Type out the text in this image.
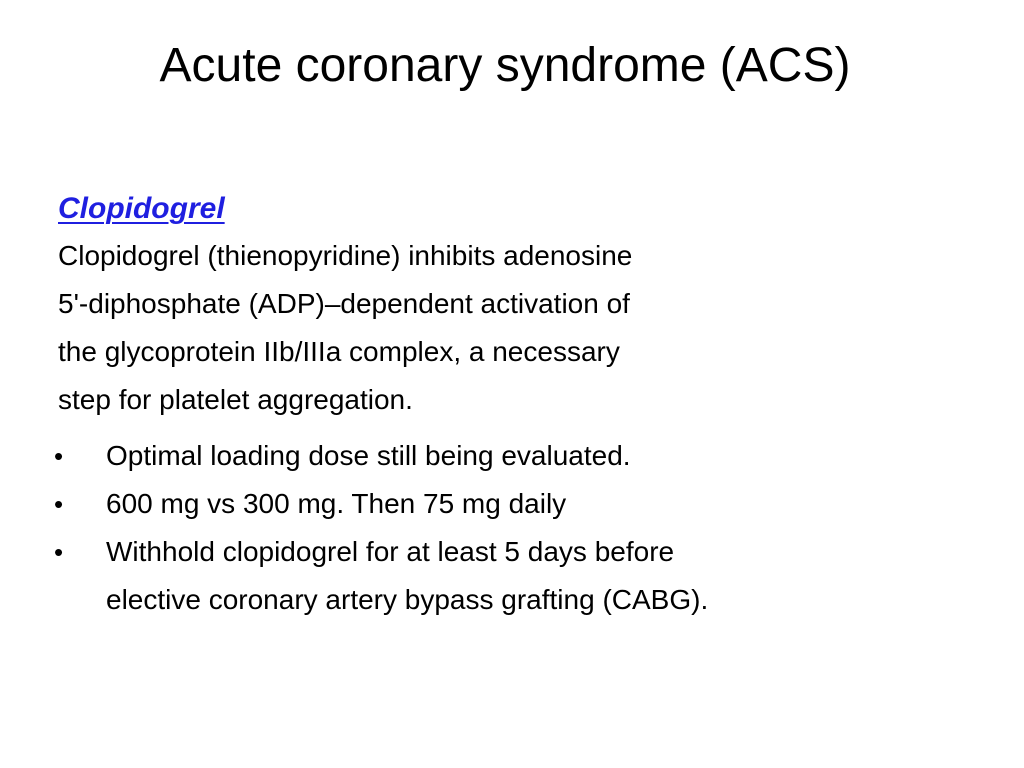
Acute coronary syndrome (ACS)
Clopidogrel

Clopidogrel (thienopyridine) inhibits adenosine
5'-diphosphate (ADP)–dependent activation of
the glycoprotein IIb/IIIa complex, a necessary
step for platelet aggregation.

•	Optimal loading dose still being evaluated.
•	600 mg vs 300 mg. Then 75 mg daily
•	Withhold clopidogrel for at least 5 days before
elective coronary artery bypass grafting (CABG).
